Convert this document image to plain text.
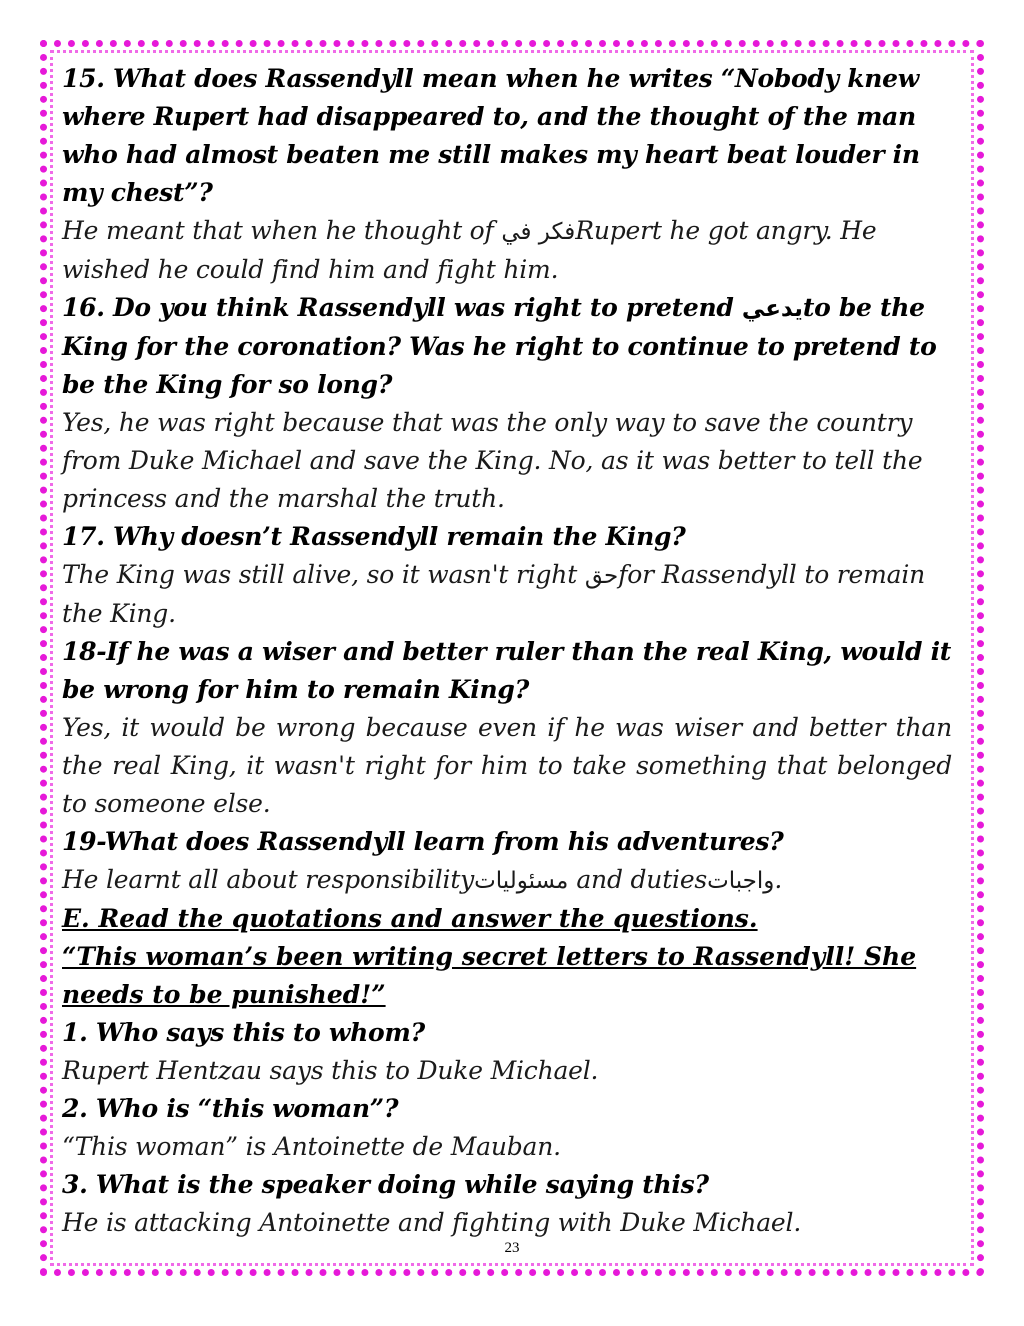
15. What does Rassendyll mean when he writes “Nobody knew where Rupert had disappeared to, and the thought of the man who had almost beaten me still makes my heart beat louder in my chest”?

He meant that when he thought of فكر فيRupert he got angry. He wished he could find him and fight him.

16. Do you think Rassendyll was right to pretend يدعيto be the King for the coronation? Was he right to continue to pretend to be the King for so long?

Yes, he was right because that was the only way to save the country from Duke Michael and save the King. No, as it was better to tell the princess and the marshal the truth.

17. Why doesn’t Rassendyll remain the King?

The King was still alive, so it wasn't right حقfor Rassendyll to remain the King.

18-If he was a wiser and better ruler than the real King, would it be wrong for him to remain King?

Yes, it would be wrong because even if he was wiser and better than the real King, it wasn't right for him to take something that belonged to someone else.

19-What does Rassendyll learn from his adventures?

He learnt all about responsibilityمسئوليات and dutiesواجبات.

E. Read the quotations and answer the questions.

“This woman’s been writing secret letters to Rassendyll! She needs to be punished!”

1. Who says this to whom?

Rupert Hentzau says this to Duke Michael.

2. Who is “this woman”?

“This woman” is Antoinette de Mauban.

3. What is the speaker doing while saying this?

He is attacking Antoinette and fighting with Duke Michael.

23
